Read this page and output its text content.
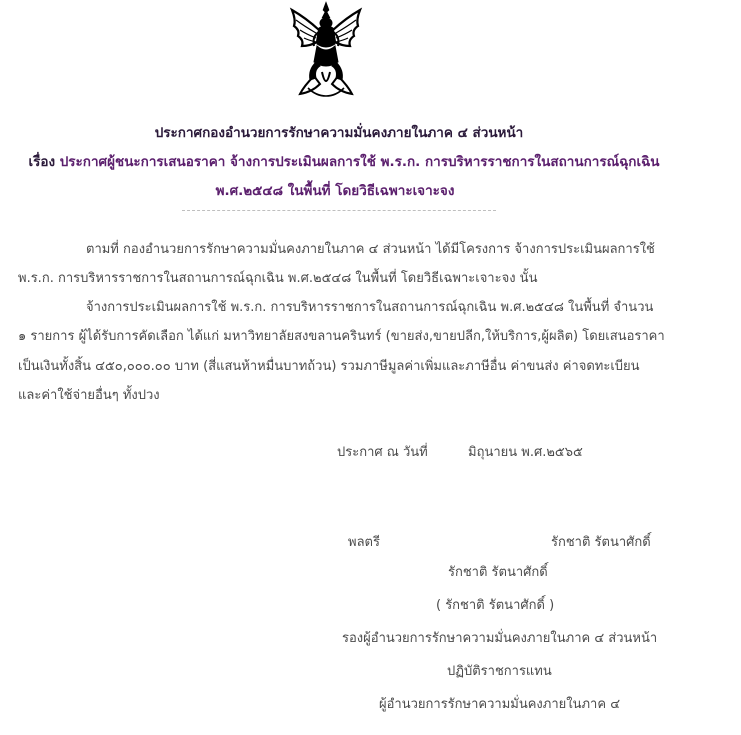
ประกาศกองอำนวยการรักษาความมั่นคงภายในภาค ๔ ส่วนหน้า
เรื่อง ประกาศผู้ชนะการเสนอราคา จ้างการประเมินผลการใช้ พ.ร.ก. การบริหารราชการในสถานการณ์ฉุกเฉิน
พ.ศ.๒๕๔๘ ในพื้นที่ โดยวิธีเฉพาะเจาะจง
ตามที่ กองอำนวยการรักษาความมั่นคงภายในภาค ๔ ส่วนหน้า ได้มีโครงการ จ้างการประเมินผลการใช้
พ.ร.ก. การบริหารราชการในสถานการณ์ฉุกเฉิน พ.ศ.๒๕๔๘ ในพื้นที่ โดยวิธีเฉพาะเจาะจง นั้น
จ้างการประเมินผลการใช้ พ.ร.ก. การบริหารราชการในสถานการณ์ฉุกเฉิน พ.ศ.๒๕๔๘ ในพื้นที่ จำนวน
๑ รายการ ผู้ได้รับการคัดเลือก ได้แก่ มหาวิทยาลัยสงขลานครินทร์ (ขายส่ง,ขายปลีก,ให้บริการ,ผู้ผลิต) โดยเสนอราคา
เป็นเงินทั้งสิ้น ๔๕๐,๐๐๐.๐๐ บาท (สี่แสนห้าหมื่นบาทถ้วน) รวมภาษีมูลค่าเพิ่มและภาษีอื่น ค่าขนส่ง ค่าจดทะเบียน
และค่าใช้จ่ายอื่นๆ ทั้งปวง
ประกาศ ณ วันที่	มิถุนายน พ.ศ.๒๕๖๕
พลตรี	รักชาติ รัตนาศักดิ์
รักชาติ รัตนาศักดิ์
( รักชาติ รัตนาศักดิ์ )
รองผู้อำนวยการรักษาความมั่นคงภายในภาค ๔ ส่วนหน้า
ปฏิบัติราชการแทน
ผู้อำนวยการรักษาความมั่นคงภายในภาค ๔
